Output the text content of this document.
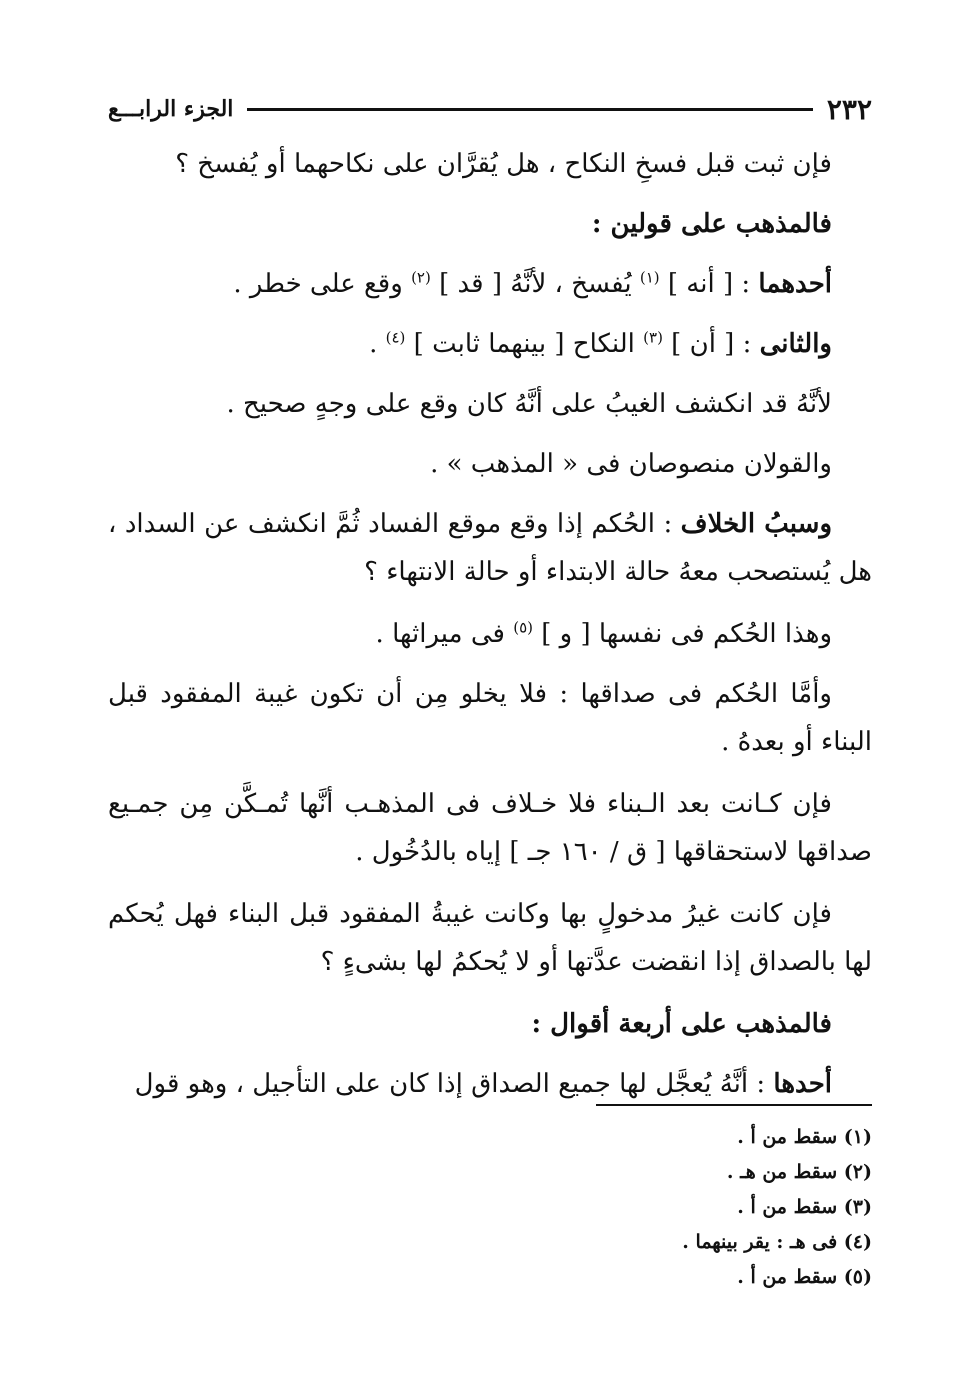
٢٣٢
الجزء الرابـــع

فإن ثبت قبل فسخِ النكاح ، هل يُقرَّان على نكاحهما أو يُفسخ ؟

فالمذهب على قولين :

أحدهما : [ أنه ] $^{(١)}$ يُفسخ ، لأنَّهُ [ قد ] $^{(٢)}$ وقع على خطر .

والثانى : [ أن ] $^{(٣)}$ النكاح [ بينهما ثابت ] $^{(٤)}$ .

لأنَّهُ قد انكشف الغيبُ على أنَّهُ كان وقع على وجهٍ صحيح .

والقولان منصوصان فى « المذهب » .

وسببُ الخلاف : الحُكم إذا وقع موقع الفساد ثُمَّ انكشف عن السداد ، هل يُستصحب معهُ حالة الابتداء أو حالة الانتهاء ؟

وهذا الحُكم فى نفسها [ و ] $^{(٥)}$ فى ميراثها .

وأمَّا الحُكم فى صداقها : فلا يخلو مِن أن تكون غيبة المفقود قبل البناء أو بعدهُ .

فإن كـانت بعد الـبناء فلا خـلاف فى المذهـب أنَّها تُمـكَّن مِن جمـيع صداقها لاستحقاقها [ ق / ١٦٠ جـ ] إياه بالدُخُول .

فإن كانت غيرُ مدخولٍ بها وكانت غيبةُ المفقود قبل البناء فهل يُحكم لها بالصداق إذا انقضت عدَّتها أو لا يُحكمُ لها بشىءٍ ؟

فالمذهب على أربعة أقوال :

أحدها : أنَّهُ يُعجَّل لها جميع الصداق إذا كان على التأجيل ، وهو قول

(١) سقط من أ .
(٢) سقط من هـ .
(٣) سقط من أ .
(٤) فى هـ : يقر بينهما .
(٥) سقط من أ .
